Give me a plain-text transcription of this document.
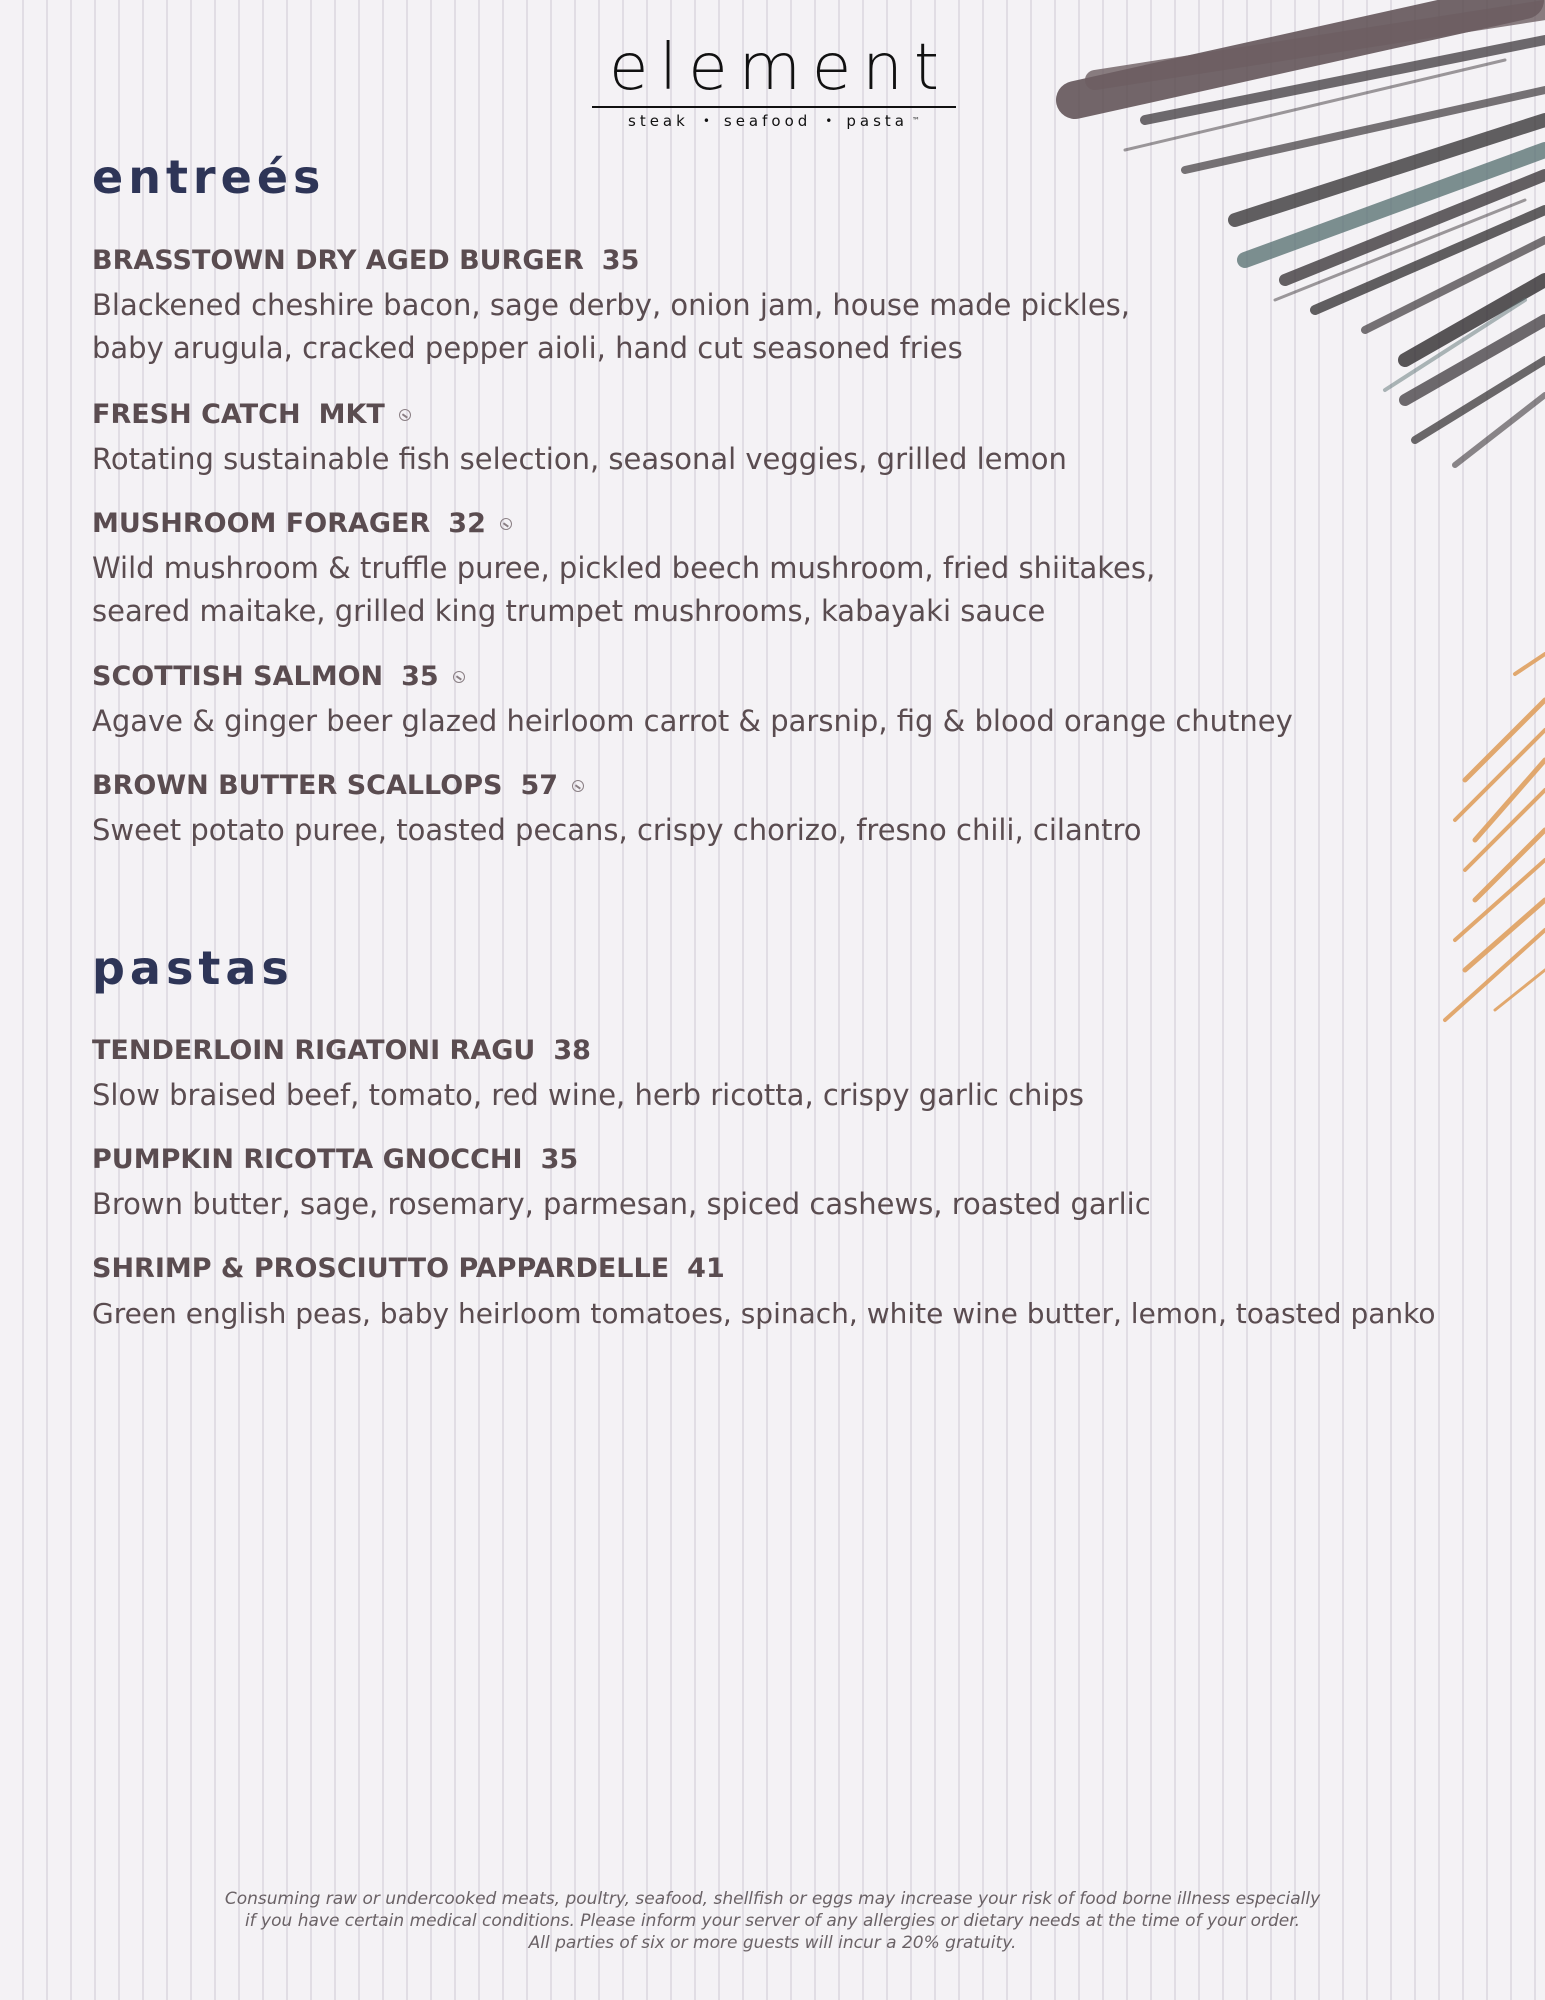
element
steak • seafood • pasta ™
entreés
BRASSTOWN DRY AGED BURGER 35
Blackened cheshire bacon, sage derby, onion jam, house made pickles,
baby arugula, cracked pepper aioli, hand cut seasoned fries
FRESH CATCH MKT
Rotating sustainable fish selection, seasonal veggies, grilled lemon
MUSHROOM FORAGER 32
Wild mushroom & truffle puree, pickled beech mushroom, fried shiitakes,
seared maitake, grilled king trumpet mushrooms, kabayaki sauce
SCOTTISH SALMON 35
Agave & ginger beer glazed heirloom carrot & parsnip, fig & blood orange chutney
BROWN BUTTER SCALLOPS 57
Sweet potato puree, toasted pecans, crispy chorizo, fresno chili, cilantro
pastas
TENDERLOIN RIGATONI RAGU 38
Slow braised beef, tomato, red wine, herb ricotta, crispy garlic chips
PUMPKIN RICOTTA GNOCCHI 35
Brown butter, sage, rosemary, parmesan, spiced cashews, roasted garlic
SHRIMP & PROSCIUTTO PAPPARDELLE 41
Green english peas, baby heirloom tomatoes, spinach, white wine butter, lemon, toasted panko
Consuming raw or undercooked meats, poultry, seafood, shellfish or eggs may increase your risk of food borne illness especially
if you have certain medical conditions. Please inform your server of any allergies or dietary needs at the time of your order.
All parties of six or more guests will incur a 20% gratuity.
